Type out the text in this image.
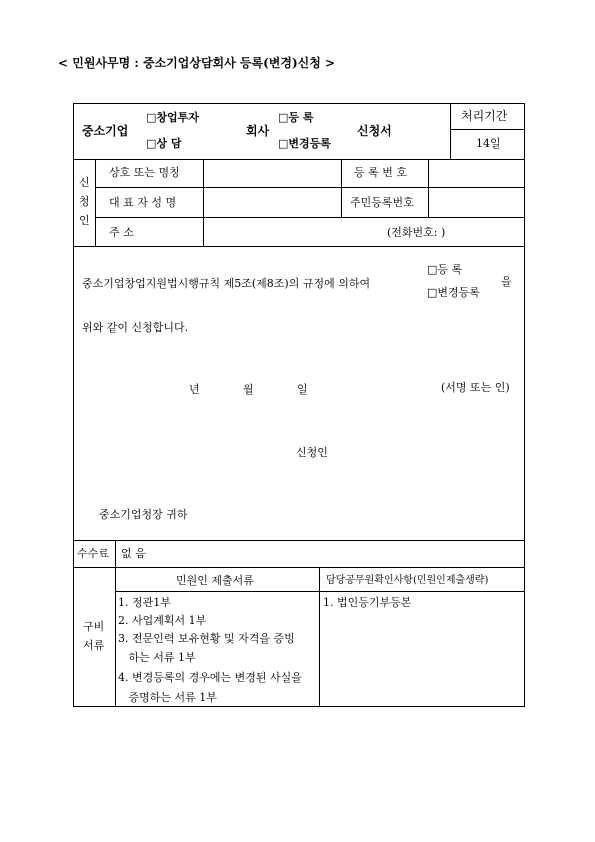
< 민원사무명 : 중소기업상담회사 등록(변경)신청 >
중소기업
□창업투자
□상 담
회사
□등 록
□변경등록
신청서
처리기간
14일
신
청
인
상호 또는 명칭	등 록 번 호
대 표 자 성 명	주민등록번호
주 소	(전화번호: )
중소기업창업지원법시행규칙 제5조(제8조)의 규정에 의하여
□등 록
□변경등록
을
위와 같이 신청합니다.
년	월	일	(서명 또는 인)
신청인
중소기업청장 귀하
수수료 없 음
구비
서류
민원인 제출서류	담당공무원확인사항(민원인제출생략)
1. 정관1부
2. 사업계획서 1부
3. 전문인력 보유현황 및 자격을 증빙
하는 서류 1부
4. 변경등록의 경우에는 변경된 사실을
증명하는 서류 1부
1. 법인등기부등본
